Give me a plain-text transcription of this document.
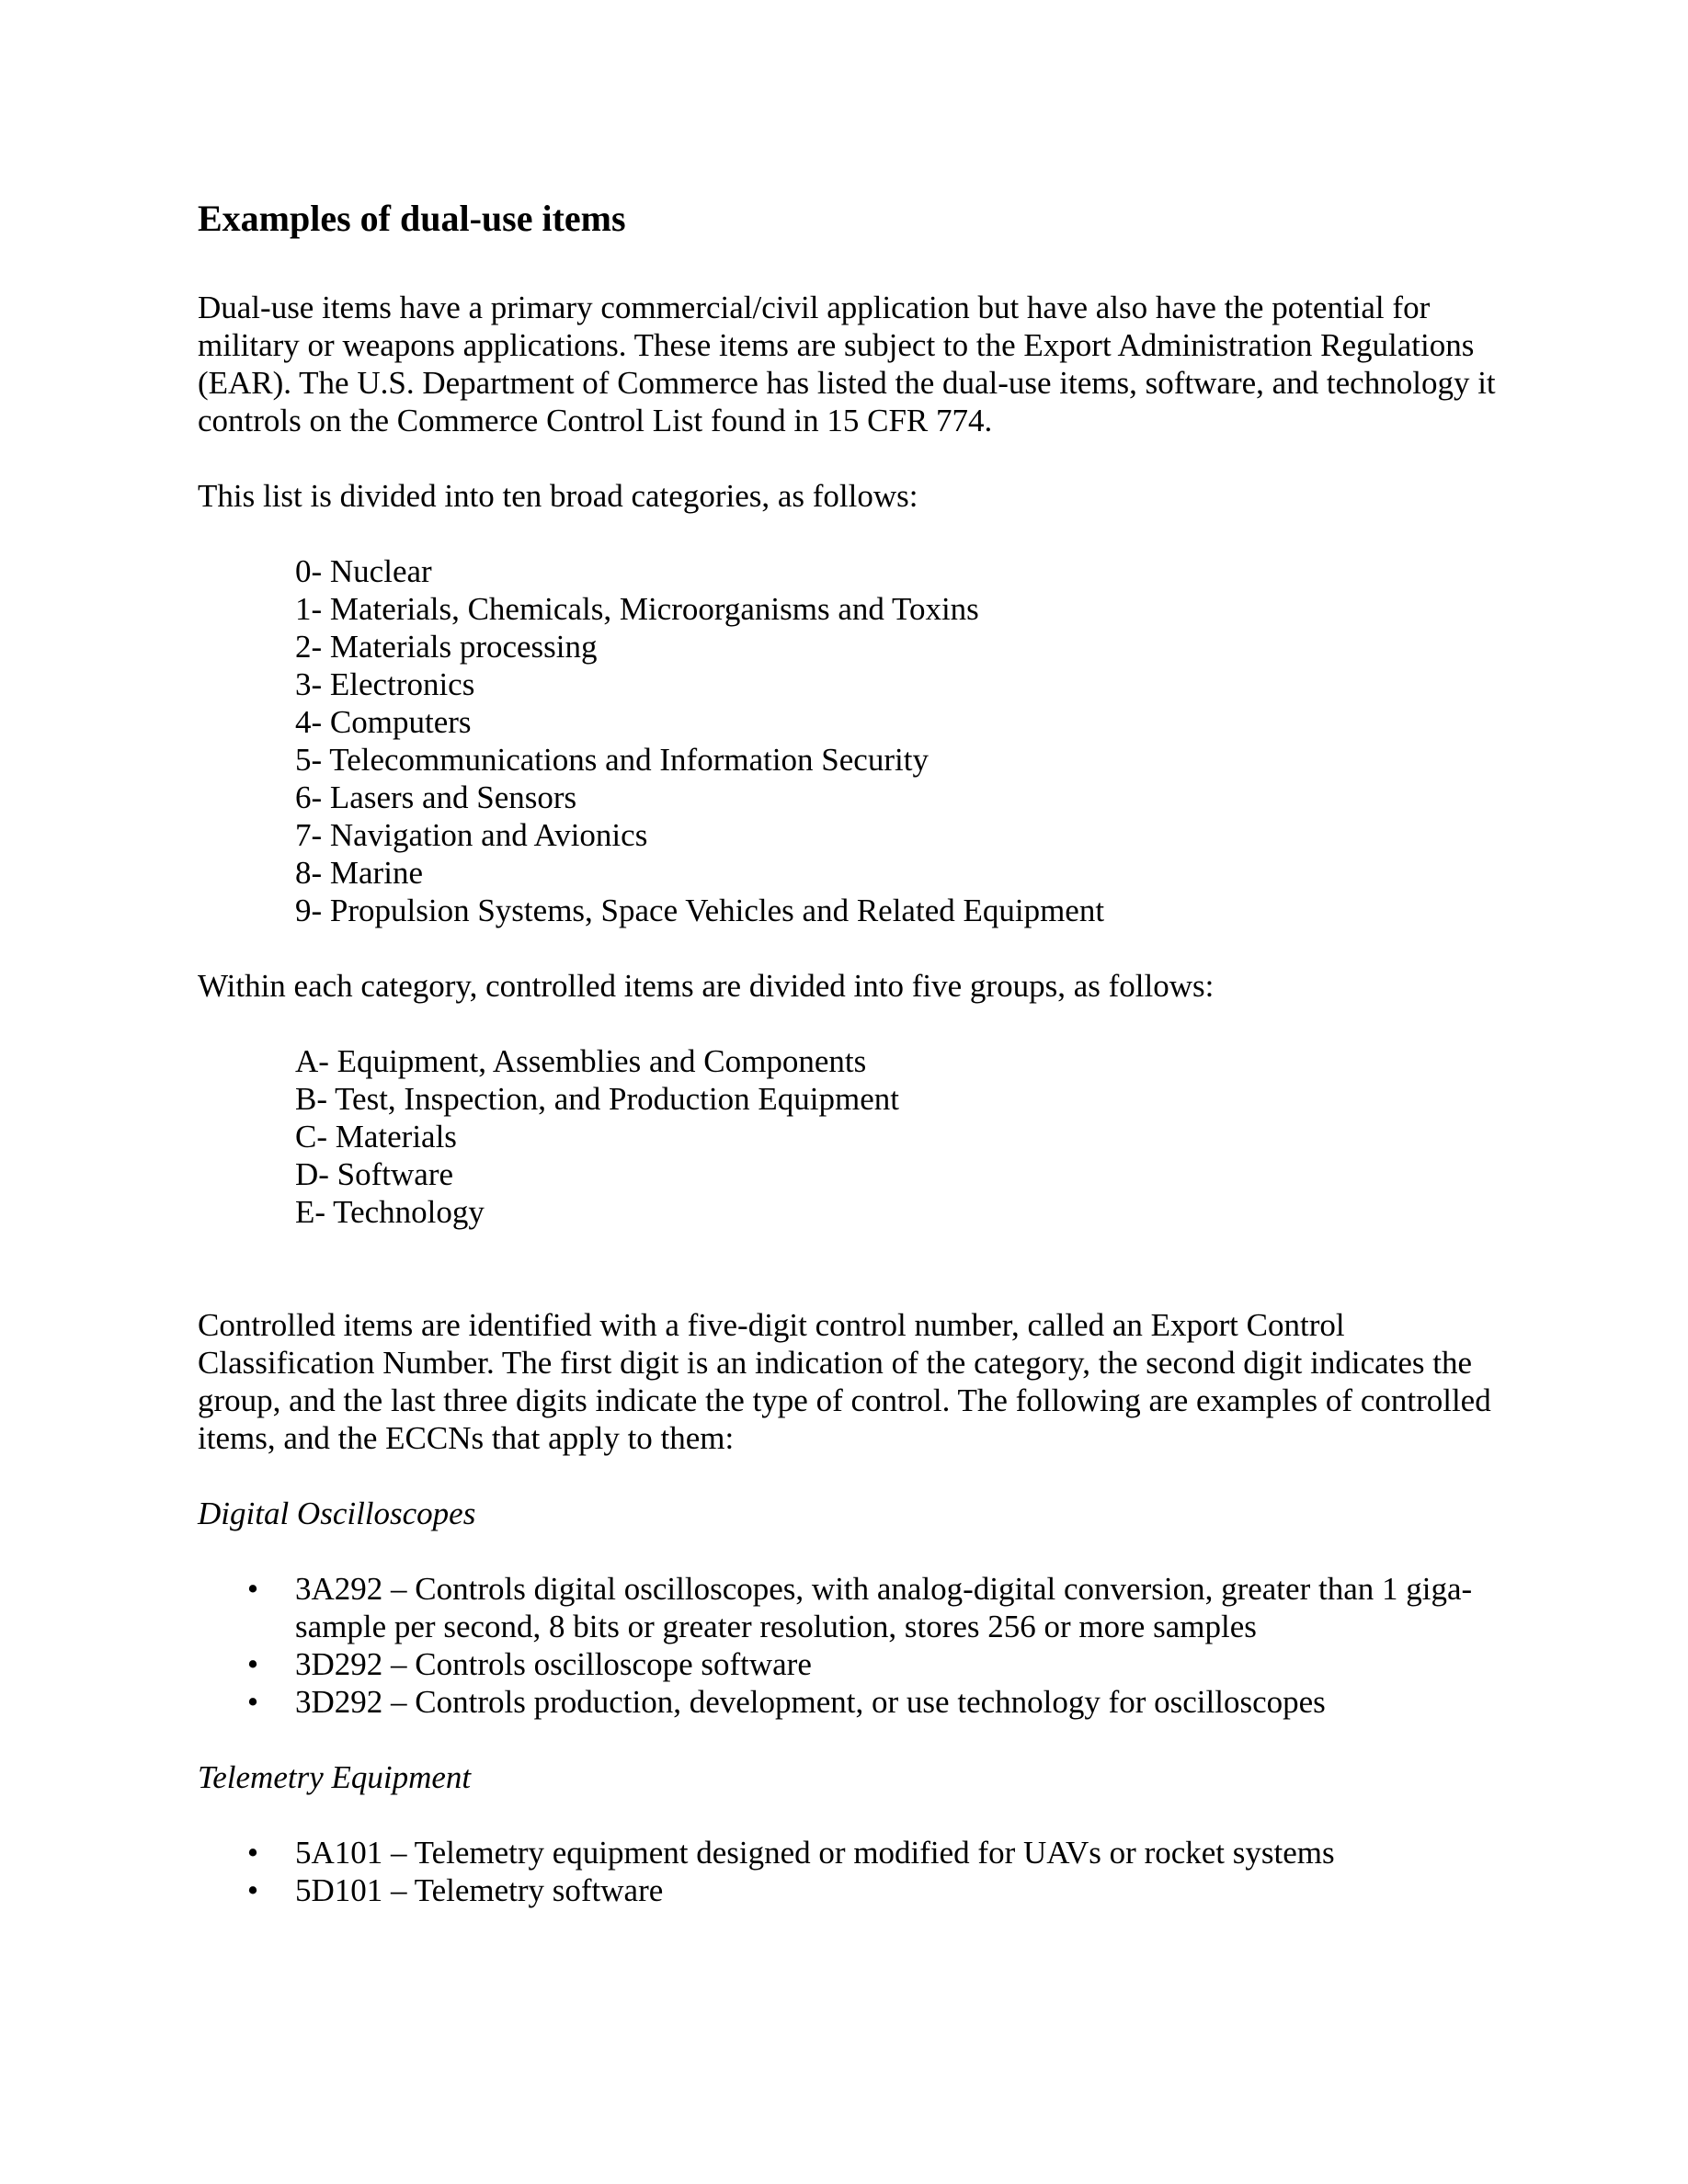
Examples of dual-use items

Dual-use items have a primary commercial/civil application but have also have the potential for military or weapons applications. These items are subject to the Export Administration Regulations (EAR). The U.S. Department of Commerce has listed the dual-use items, software, and technology it controls on the Commerce Control List found in 15 CFR 774.

This list is divided into ten broad categories, as follows:

0- Nuclear
1- Materials, Chemicals, Microorganisms and Toxins
2- Materials processing
3- Electronics
4- Computers
5- Telecommunications and Information Security
6- Lasers and Sensors
7- Navigation and Avionics
8- Marine
9- Propulsion Systems, Space Vehicles and Related Equipment

Within each category, controlled items are divided into five groups, as follows:

A- Equipment, Assemblies and Components
B- Test, Inspection, and Production Equipment
C- Materials
D- Software
E- Technology

Controlled items are identified with a five-digit control number, called an Export Control Classification Number. The first digit is an indication of the category, the second digit indicates the group, and the last three digits indicate the type of control. The following are examples of controlled items, and the ECCNs that apply to them:

Digital Oscilloscopes

• 3A292 – Controls digital oscilloscopes, with analog-digital conversion, greater than 1 giga-sample per second, 8 bits or greater resolution, stores 256 or more samples
• 3D292 – Controls oscilloscope software
• 3D292 – Controls production, development, or use technology for oscilloscopes

Telemetry Equipment

• 5A101 – Telemetry equipment designed or modified for UAVs or rocket systems
• 5D101 – Telemetry software
